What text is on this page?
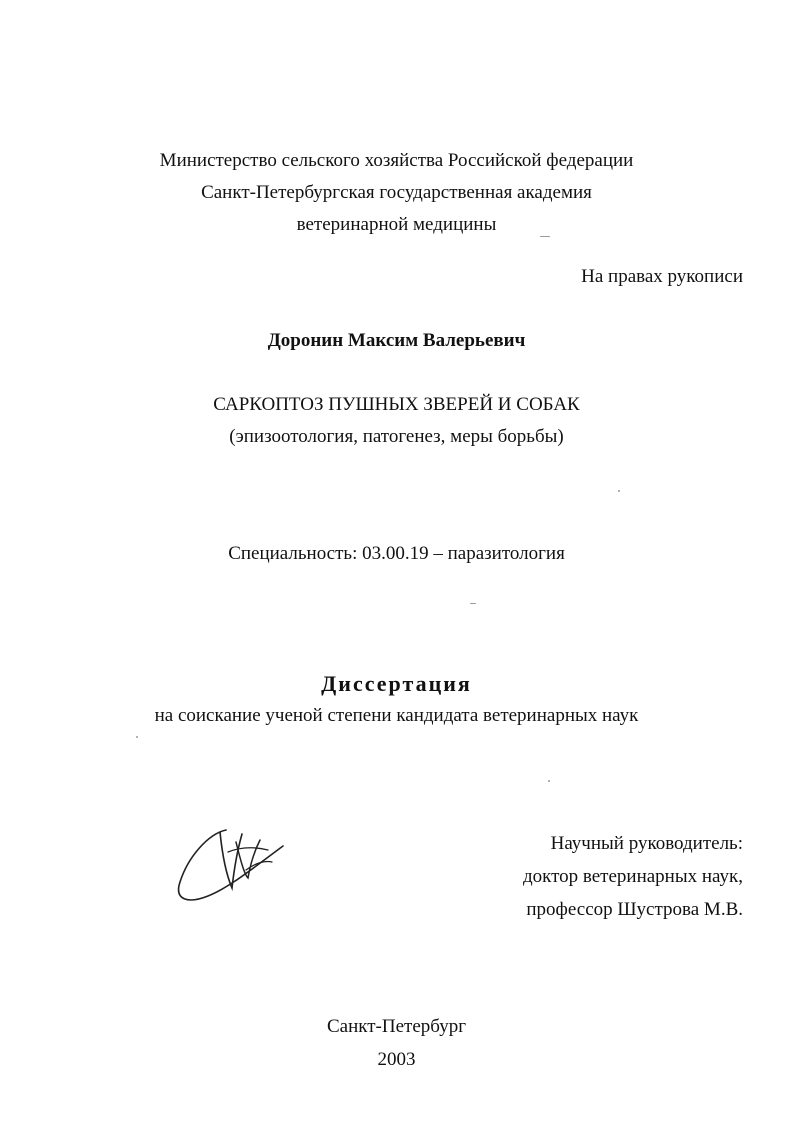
Министерство сельского хозяйства Российской федерации
Санкт-Петербургская государственная академия
ветеринарной медицины
На правах рукописи
Доронин Максим Валерьевич
САРКОПТОЗ ПУШНЫХ ЗВЕРЕЙ И СОБАК
(эпизоотология, патогенез, меры борьбы)
Специальность: 03.00.19 – паразитология
Диссертация
на соискание ученой степени кандидата ветеринарных наук
Научный руководитель:
доктор ветеринарных наук,
профессор Шустрова М.В.
Санкт-Петербург
2003
